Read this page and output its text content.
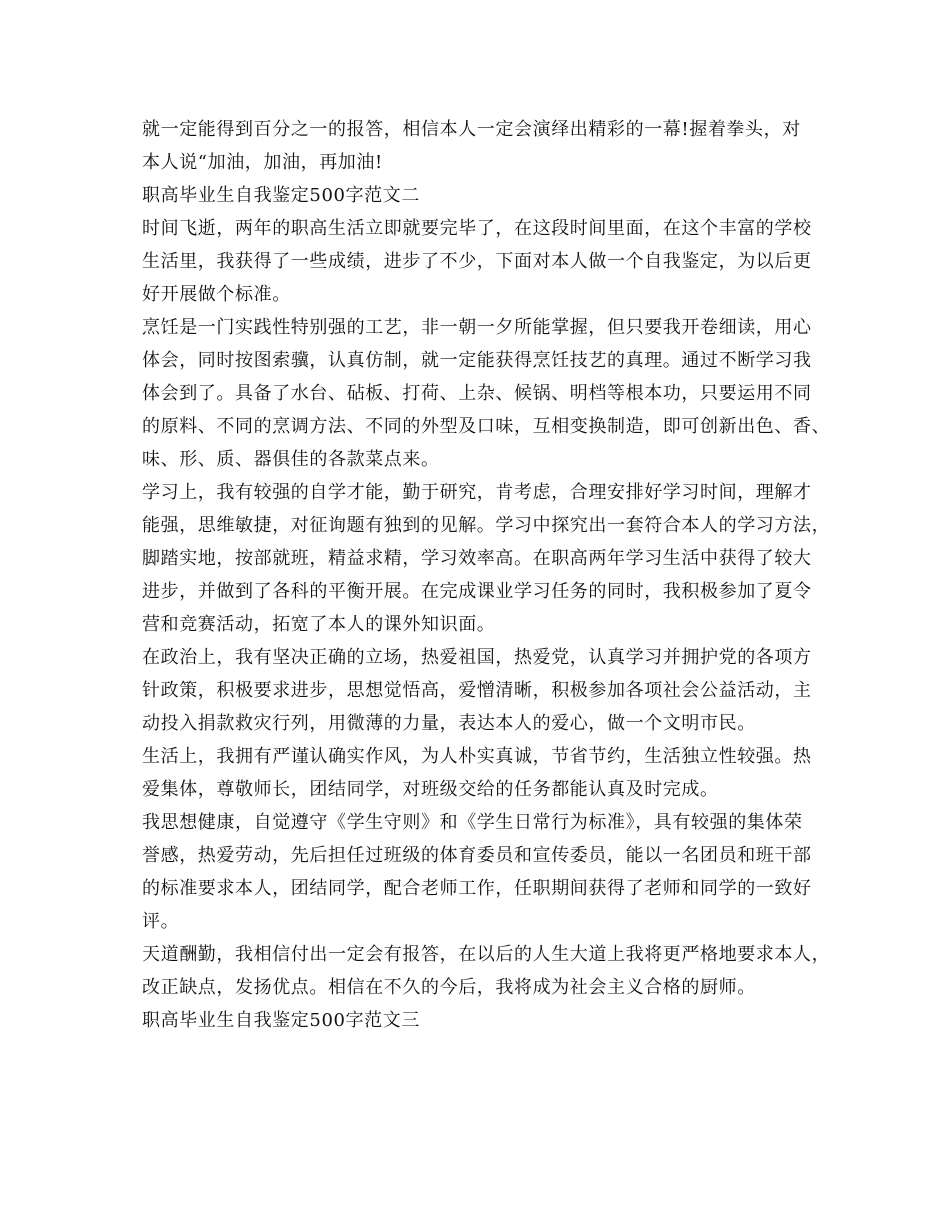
就一定能得到百分之一的报答，相信本人一定会演绎出精彩的一幕!握着拳头，对
本人说“加油，加油，再加油!

职高毕业生自我鉴定500字范文二

时间飞逝，两年的职高生活立即就要完毕了，在这段时间里面，在这个丰富的学校
生活里，我获得了一些成绩，进步了不少，下面对本人做一个自我鉴定，为以后更
好开展做个标准。

烹饪是一门实践性特别强的工艺，非一朝一夕所能掌握，但只要我开卷细读，用心
体会，同时按图索骥，认真仿制，就一定能获得烹饪技艺的真理。通过不断学习我
体会到了。具备了水台、砧板、打荷、上杂、候锅、明档等根本功，只要运用不同
的原料、不同的烹调方法、不同的外型及口味，互相变换制造，即可创新出色、香、
味、形、质、器俱佳的各款菜点来。

学习上，我有较强的自学才能，勤于研究，肯考虑，合理安排好学习时间，理解才
能强，思维敏捷，对征询题有独到的见解。学习中探究出一套符合本人的学习方法，
脚踏实地，按部就班，精益求精，学习效率高。在职高两年学习生活中获得了较大
进步，并做到了各科的平衡开展。在完成课业学习任务的同时，我积极参加了夏令
营和竞赛活动，拓宽了本人的课外知识面。

在政治上，我有坚决正确的立场，热爱祖国，热爱党，认真学习并拥护党的各项方
针政策，积极要求进步，思想觉悟高，爱憎清晰，积极参加各项社会公益活动，主
动投入捐款救灾行列，用微薄的力量，表达本人的爱心，做一个文明市民。

生活上，我拥有严谨认确实作风，为人朴实真诚，节省节约，生活独立性较强。热
爱集体，尊敬师长，团结同学，对班级交给的任务都能认真及时完成。

我思想健康，自觉遵守《学生守则》和《学生日常行为标准》，具有较强的集体荣
誉感，热爱劳动，先后担任过班级的体育委员和宣传委员，能以一名团员和班干部
的标准要求本人，团结同学，配合老师工作，任职期间获得了老师和同学的一致好
评。

天道酬勤，我相信付出一定会有报答，在以后的人生大道上我将更严格地要求本人，
改正缺点，发扬优点。相信在不久的今后，我将成为社会主义合格的厨师。

职高毕业生自我鉴定500字范文三
